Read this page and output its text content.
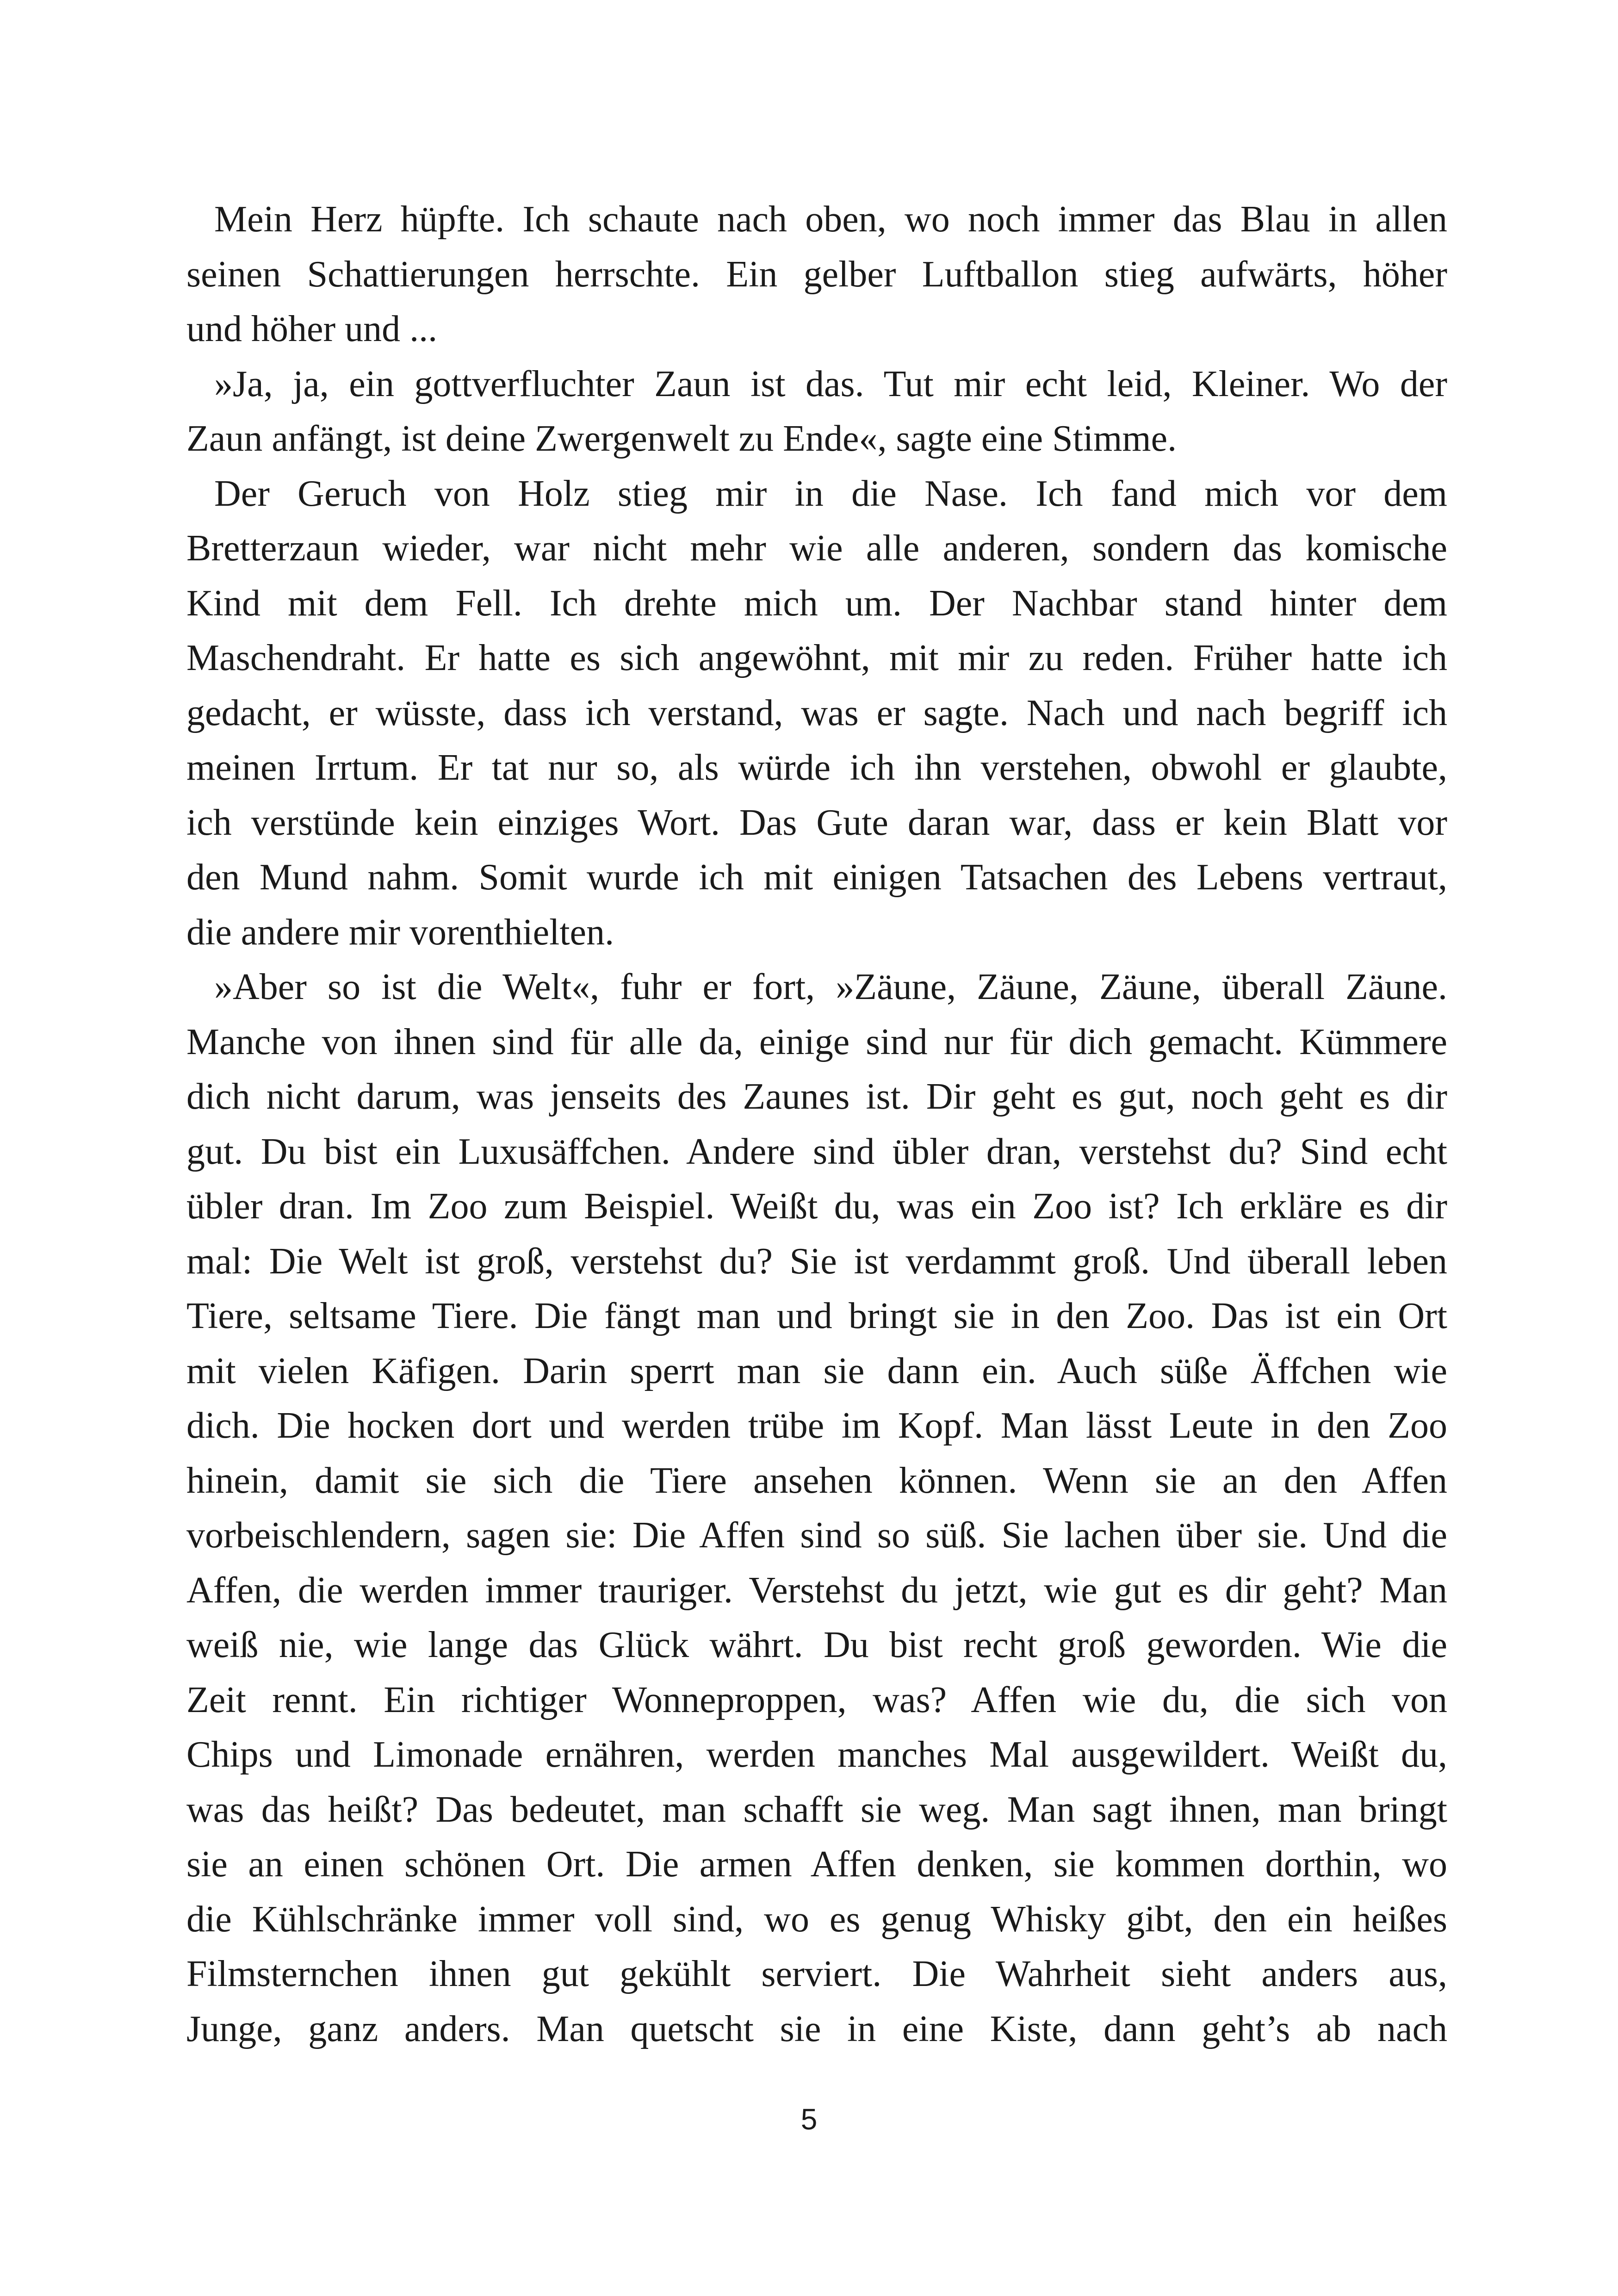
Mein Herz hüpfte. Ich schaute nach oben, wo noch immer das Blau in allen
seinen Schattierungen herrschte. Ein gelber Luftballon stieg aufwärts, höher
und höher und ...
»Ja, ja, ein gottverfluchter Zaun ist das. Tut mir echt leid, Kleiner. Wo der
Zaun anfängt, ist deine Zwergenwelt zu Ende«, sagte eine Stimme.
Der Geruch von Holz stieg mir in die Nase. Ich fand mich vor dem
Bretterzaun wieder, war nicht mehr wie alle anderen, sondern das komische
Kind mit dem Fell. Ich drehte mich um. Der Nachbar stand hinter dem
Maschendraht. Er hatte es sich angewöhnt, mit mir zu reden. Früher hatte ich
gedacht, er wüsste, dass ich verstand, was er sagte. Nach und nach begriff ich
meinen Irrtum. Er tat nur so, als würde ich ihn verstehen, obwohl er glaubte,
ich verstünde kein einziges Wort. Das Gute daran war, dass er kein Blatt vor
den Mund nahm. Somit wurde ich mit einigen Tatsachen des Lebens vertraut,
die andere mir vorenthielten.
»Aber so ist die Welt«, fuhr er fort, »Zäune, Zäune, Zäune, überall Zäune.
Manche von ihnen sind für alle da, einige sind nur für dich gemacht. Kümmere
dich nicht darum, was jenseits des Zaunes ist. Dir geht es gut, noch geht es dir
gut. Du bist ein Luxusäffchen. Andere sind übler dran, verstehst du? Sind echt
übler dran. Im Zoo zum Beispiel. Weißt du, was ein Zoo ist? Ich erkläre es dir
mal: Die Welt ist groß, verstehst du? Sie ist verdammt groß. Und überall leben
Tiere, seltsame Tiere. Die fängt man und bringt sie in den Zoo. Das ist ein Ort
mit vielen Käfigen. Darin sperrt man sie dann ein. Auch süße Äffchen wie
dich. Die hocken dort und werden trübe im Kopf. Man lässt Leute in den Zoo
hinein, damit sie sich die Tiere ansehen können. Wenn sie an den Affen
vorbeischlendern, sagen sie: Die Affen sind so süß. Sie lachen über sie. Und die
Affen, die werden immer trauriger. Verstehst du jetzt, wie gut es dir geht? Man
weiß nie, wie lange das Glück währt. Du bist recht groß geworden. Wie die
Zeit rennt. Ein richtiger Wonneproppen, was? Affen wie du, die sich von
Chips und Limonade ernähren, werden manches Mal ausgewildert. Weißt du,
was das heißt? Das bedeutet, man schafft sie weg. Man sagt ihnen, man bringt
sie an einen schönen Ort. Die armen Affen denken, sie kommen dorthin, wo
die Kühlschränke immer voll sind, wo es genug Whisky gibt, den ein heißes
Filmsternchen ihnen gut gekühlt serviert. Die Wahrheit sieht anders aus,
Junge, ganz anders. Man quetscht sie in eine Kiste, dann geht’s ab nach
5
